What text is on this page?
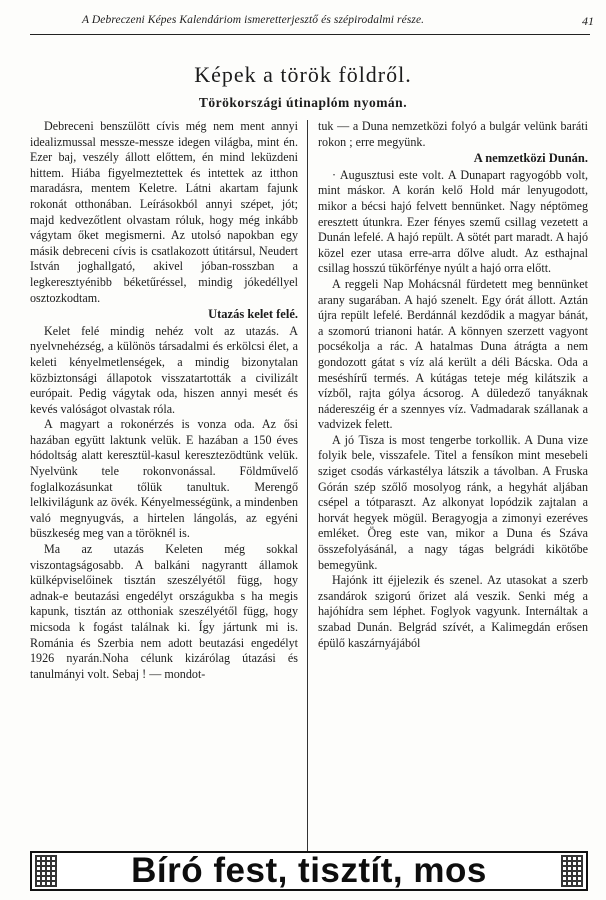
A Debreczeni Képes Kalendáriom ismeretterjesztő és szépirodalmi része.	41
Képek a török földről.
Törökországi útinaplóm nyomán.

Debreceni benszülött cívis még nem ment annyi idealizmussal messze-messze idegen világba, mint én. Ezer baj, veszély állott előttem, én mind leküzdeni hittem. Hiába figyelmeztettek és intettek az itthon maradásra, mentem Keletre. Látni akartam fajunk rokonát otthonában. Leírásokból annyi szépet, jót; majd kedvezőtlent olvastam róluk, hogy még inkább vágytam őket megismerni. Az utolsó napokban egy másik debreceni cívis is csatlakozott útitársul, Neudert István joghallgató, akivel jóban-rosszban a legkeresztyénibb béketűréssel, mindig jókedéllyel osztozkodtam.

Utazás kelet felé.

Kelet felé mindig nehéz volt az utazás. A nyelvnehézség, a különös társadalmi és erkölcsi élet, a keleti kényelmetlenségek, a mindig bizonytalan közbiztonsági állapotok visszatartották a civilizált európait. Pedig vágytak oda, hiszen annyi mesét és kevés valóságot olvastak róla.

A magyart a rokonérzés is vonza oda. Az ősi hazában együtt laktunk velük. E hazában a 150 éves hódoltság alatt keresztül-kasul keresztezödtünk velük. Nyelvünk tele rokonvonással. Földművelő foglalkozásunkat tőlük tanultuk. Merengő lelkivilágunk az övék. Kényelmességünk, a mindenben való megnyugvás, a hirtelen lángolás, az egyéni büszkeség meg van a töröknél is.

Ma az utazás Keleten még sokkal viszontagságosabb. A balkáni nagyrantt államok külképviselőinek tisztán szeszélyétől függ, hogy adnak-e beutazási engedélyt országukba s ha megis kapunk, tisztán az otthoniak szeszélyétől függ, hogy micsoda k fogást találnak ki. Így jártunk mi is. Románia és Szerbia nem adott beutazási engedélyt 1926 nyarán.Noha célunk kizárólag útazási és tanulmányi volt. Sebaj ! — mondot-

tuk — a Duna nemzetközi folyó a bulgár velünk baráti rokon ; erre megyünk.

A nemzetközi Dunán.

· Augusztusi este volt. A Dunapart ragyogóbb volt, mint máskor. A korán kelő Hold már lenyugodott, mikor a bécsi hajó felvett bennünket. Nagy néptömeg eresztett útunkra. Ezer fényes szemű csillag vezetett a Dunán lefelé. A hajó repült. A sötét part maradt. A hajó közel ezer utasa erre-arra dőlve aludt. Az esthajnal csillag hosszú tükörfénye nyúlt a hajó orra előtt.

A reggeli Nap Mohácsnál fürdetett meg bennünket arany sugarában. A hajó szenelt. Egy órát állott. Aztán újra repült lefelé. Berdánnál kezdődik a magyar bánát, a szomorú trianoni határ. A könnyen szerzett vagyont pocsékolja a rác. A hatalmas Duna átrágta a nem gondozott gátat s víz alá került a déli Bácska. Oda a meséshírű termés. A kútágas teteje még kilátszik a vízből, rajta gólya ácsorog. A düledező tanyáknak nádereszéig ér a szennyes víz. Vadmadarak szállanak a vadvizek felett.

A jó Tisza is most tengerbe torkollik. A Duna vize folyik bele, visszafele. Titel a fensíkon mint mesebeli sziget csodás várkastélya látszik a távolban. A Fruska Górán szép szőlő mosolyog ránk, a hegyhát aljában csépel a tótparaszt. Az alkonyat lopódzik zajtalan a horvát hegyek mögül. Beragyogja a zimonyi ezeréves emléket. Öreg este van, mikor a Duna és Száva összefolyásánál, a nagy tágas belgrádi kikötőbe bemegyünk.

Hajónk itt éjjelezik és szenel. Az utasokat a szerb zsandárok szigorú őrizet alá veszik. Senki még a hajóhídra sem léphet. Foglyok vagyunk. Internáltak a szabad Dunán. Belgrád szívét, a Kalimegdán erősen épülő kaszárnyájából

Bíró fest, tisztít, mos
